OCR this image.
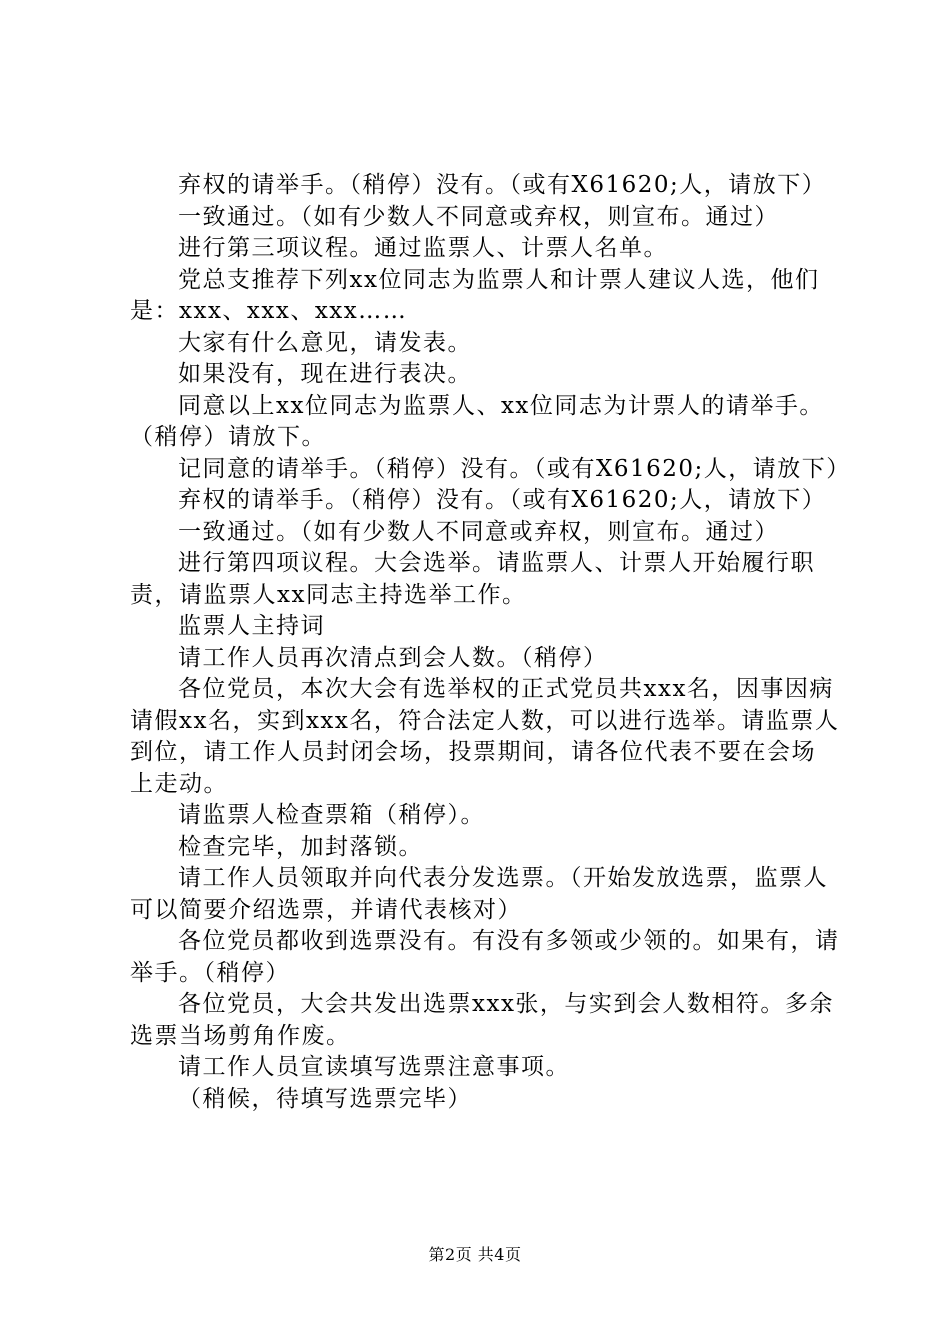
弃权的请举手。（稍停）没有。（或有X61620;人，请放下）

一致通过。（如有少数人不同意或弃权，则宣布。通过）

进行第三项议程。通过监票人、计票人名单。

党总支推荐下列xx位同志为监票人和计票人建议人选，他们是：xxx、xxx、xxx……

大家有什么意见，请发表。

如果没有，现在进行表决。

同意以上xx位同志为监票人、xx位同志为计票人的请举手。（稍停）请放下。

记同意的请举手。（稍停）没有。（或有X61620;人，请放下）

弃权的请举手。（稍停）没有。（或有X61620;人，请放下）

一致通过。（如有少数人不同意或弃权，则宣布。通过）

进行第四项议程。大会选举。请监票人、计票人开始履行职责，请监票人xx同志主持选举工作。

监票人主持词

请工作人员再次清点到会人数。（稍停）

各位党员，本次大会有选举权的正式党员共xxx名，因事因病请假xx名，实到xxx名，符合法定人数，可以进行选举。请监票人到位，请工作人员封闭会场，投票期间，请各位代表不要在会场上走动。

请监票人检查票箱（稍停）。

检查完毕，加封落锁。

请工作人员领取并向代表分发选票。（开始发放选票，监票人可以简要介绍选票，并请代表核对）

各位党员都收到选票没有。有没有多领或少领的。如果有，请举手。（稍停）

各位党员，大会共发出选票xxx张，与实到会人数相符。多余选票当场剪角作废。

请工作人员宣读填写选票注意事项。

（稍候，待填写选票完毕）

第2页 共4页
